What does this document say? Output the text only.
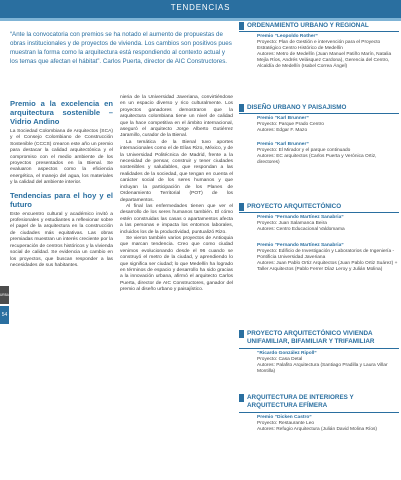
TENDENCIAS
URBANISMO
54
“Ante la convocatoria con premios se ha notado el aumento de propuestas de obras institucionales y de proyectos de vivienda. Los cambios son positivos pues muestran la forma como la arquitectura está respondiendo al contexto actual y los temas que afectan el hábitat”. Carlos Puerta, director de AIC Constructores.
Premio a la excelencia en arquitectura sostenible – Vidrio Andino

La Sociedad Colombiana de Arquitectos (SCA) y el Consejo Colombiano de Construcción Sostenible (CCCS) crearon este año un premio para destacar la calidad arquitectónica y el compromiso con el medio ambiente de los proyectos presentados en la Bienal. Se evaluaron aspectos como la eficiencia energética, el manejo del agua, los materiales y la calidad del ambiente interior.

Tendencias para el hoy y el futuro

Este encuentro cultural y académico invitó a profesionales y estudiantes a reflexionar sobre el papel de la arquitectura en la construcción de ciudades más equitativas. Las obras premiadas muestran un interés creciente por la recuperación de centros históricos y la vivienda social de calidad. Se evidencia un cambio en los proyectos, que buscan responder a las necesidades de sus habitantes.

nieria de la Universidad Javeriana, convirtiéndose en un espacio diverso y rico culturalmente. Los proyectos ganadores demostraron que la arquitectura colombiana tiene un nivel de calidad que la hace competitiva en el ámbito internacional, aseguró el arquitecto Jorge Alberto Gutiérrez Jaramillo, curador de la Bienal.

La temática de la Bienal tuvo aportes internacionales como el de Elías Rizo, México, y de la Universidad Politécnica de Madrid, frente a la necesidad de pensar, construir y tener ciudades sostenibles y saludables, que respondan a las realidades de la sociedad, que tengan en cuenta el carácter social de los seres humanos y que incluyan la participación de los Planes de Ordenamiento Territorial (POT) de los departamentos.

Al final las enfermedades tienen que ver el desarrollo de los seres humanos también. El cómo estén construidas las casas o apartamentos afecta a las personas e impacta los entornos laborales, incluidos los de la productividad, puntualizó Rizo.

Se vieron también varios proyectos de Antioquia que marcan tendencia. Creo que como ciudad venimos evolucionando desde el 96 cuando se construyó el metro de la ciudad, y aprendiendo lo que significa ser ciudad; lo que Medellín ha logrado en términos de espacio y desarrollo ha sido gracias a la innovación urbana, afirmó el arquitecto Carlos Puerta, director de AIC Constructores, ganador del premio al diseño urbano y paisajístico.

ORDENAMIENTO URBANO Y REGIONAL
Premio “Leopoldo Rother”
Proyecto: Plan de Gestión e intervención para el Proyecto Estratégico Centro Histórico de Medellín
Autores: Metro de Medellín (Juan Manuel Patiño Marín, Natalia Mejía Ríos, Andrés Velásquez Cardona), Gerencia del Centro, Alcaldía de Medellín (Isabel Correa Ángel)
DISEÑO URBANO Y PAISAJISMO
Premio “Karl Brunner”
Proyecto: Parque Prado Centro
Autores: Edgar F. Mazo
Premio “Karl Brunner”
Proyecto: El Mirador y el parque continuado
Autores: EC arquitectos (Carlos Puerta y Verónica Ortiz, directores)
PROYECTO ARQUITECTÓNICO
Premio “Fernando Martínez Sanabria”
Proyecto: Juan Salamanca Beira
Autores: Centro Educacional Valdomama
Premio “Fernando Martínez Sanabria”
Proyecto: Edificio de Investigación y Laboratorios de Ingeniería - Pontificia Universidad Javeriana
Autores: Juan Pablo Ortiz Arquitectos (Juan Pablo Ortiz Suárez) + Taller Arquitectos (Pablo Ferrer Díaz Leroy y Julián Molina)
PROYECTO ARQUITECTÓNICO VIVIENDA UNIFAMILIAR, BIFAMILIAR Y TRIFAMILIAR
“Ricardo González Ripoll”
Proyecto: Casa Detal
Autores: Palafito Arquitectura (Santiago Pradilla y Laura Villar Montilla)
ARQUITECTURA DE INTERIORES Y ARQUITECTURA EFÍMERA
Premio “Dicken Castro”
Proyecto: Restaurante Leo
Autores: Refugio Arquitectura (Julián David Molina Ríos)
